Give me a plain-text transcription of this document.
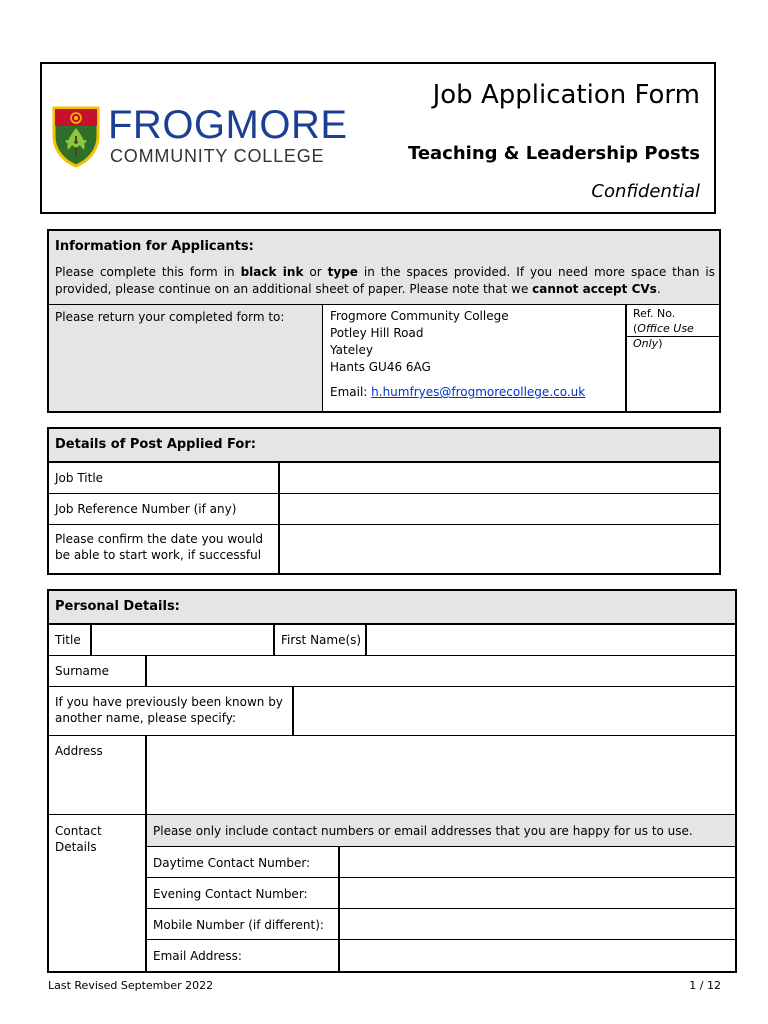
FROGMORE
COMMUNITY COLLEGE
Job Application Form
Teaching & Leadership Posts
Confidential
Information for Applicants:
Please complete this form in black ink or type in the spaces provided. If you need more space than is provided, please continue on an additional sheet of paper. Please note that we cannot accept CVs.
Please return your completed form to:	Frogmore Community College
Potley Hill Road
Yateley
Hants GU46 6AG
Email: h.humfryes@frogmorecollege.co.uk
Ref. No. (Office Use Only)
Details of Post Applied For:
Job Title
Job Reference Number (if any)
Please confirm the date you would be able to start work, if successful
Personal Details:
Title	First Name(s)
Surname
If you have previously been known by another name, please specify:
Address
Contact Details
Please only include contact numbers or email addresses that you are happy for us to use.
Daytime Contact Number:
Evening Contact Number:
Mobile Number (if different):
Email Address:
Last Revised September 2022	1 / 12
